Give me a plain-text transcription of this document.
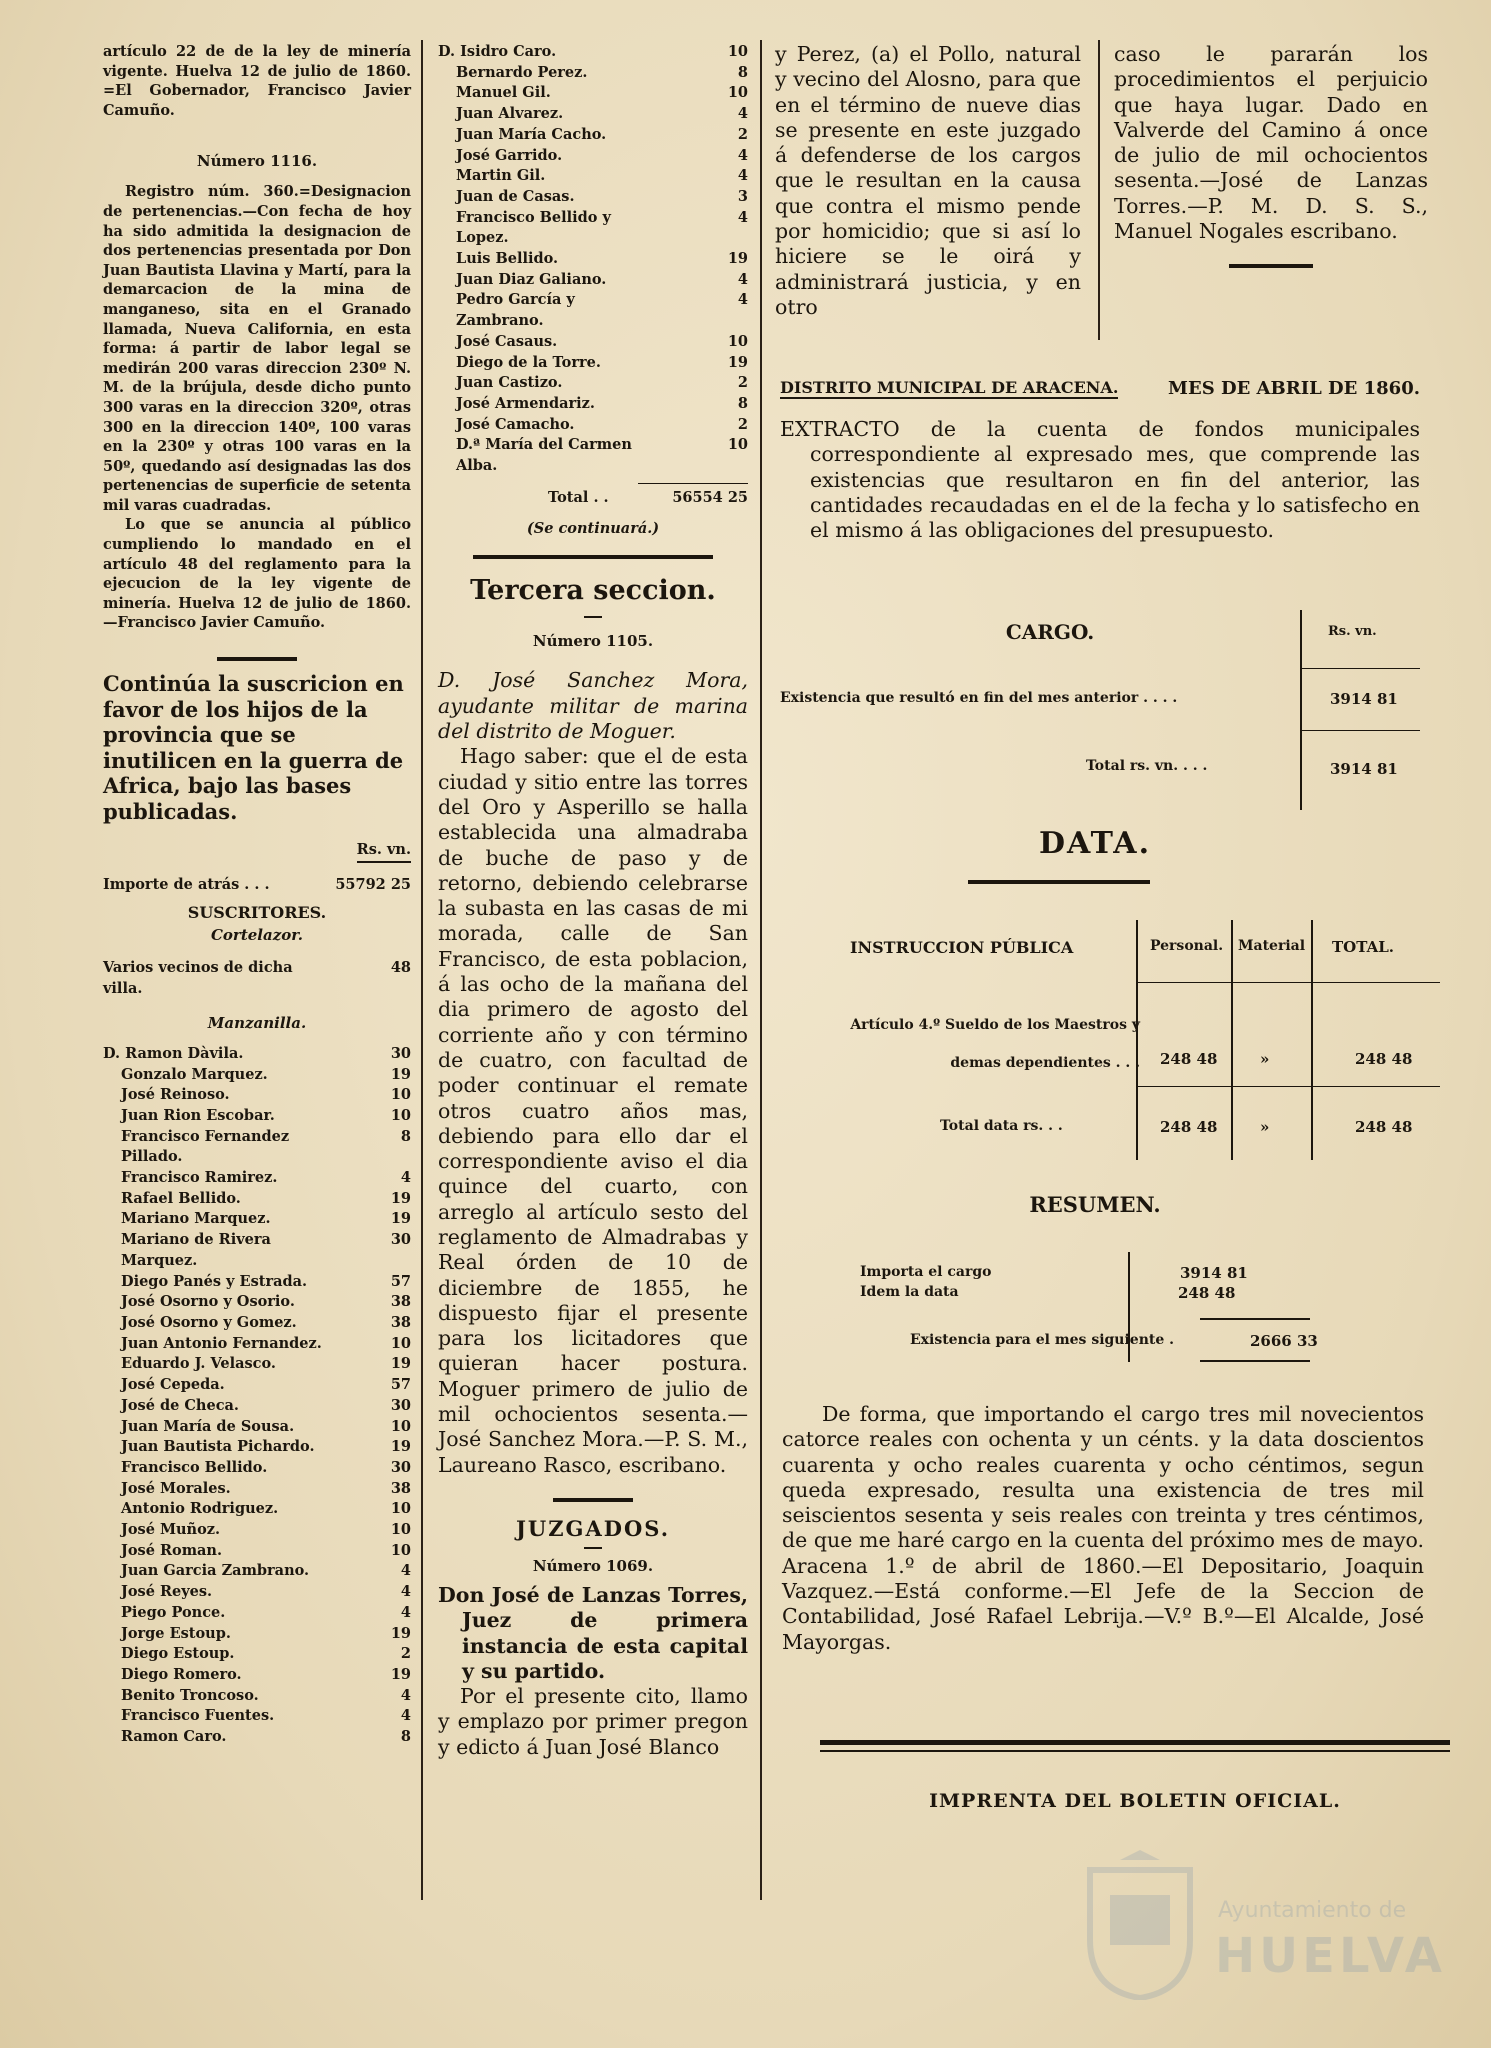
artículo 22 de de la ley de minería vigente. Huelva 12 de julio de 1860. =El Gobernador, Francisco Javier Camuño.

Número 1116.

Registro núm. 360.=Designacion de pertenencias.—Con fecha de hoy ha sido admitida la designacion de dos pertenencias presentada por Don Juan Bautista Llavina y Martí, para la demarcacion de la mina de manganeso, sita en el Granado llamada, Nueva California, en esta forma: á partir de labor legal se medirán 200 varas direccion 230º N. M. de la brújula, desde dicho punto 300 varas en la direccion 320º, otras 300 en la direccion 140º, 100 varas en la 230º y otras 100 varas en la 50º, quedando así designadas las dos pertenencias de superficie de setenta mil varas cuadradas.

Lo que se anuncia al público cumpliendo lo mandado en el artículo 48 del reglamento para la ejecucion de la ley vigente de minería. Huelva 12 de julio de 1860.—Francisco Javier Camuño.

Continúa la suscricion en favor de los hijos de la provincia que se inutilicen en la guerra de Africa, bajo las bases publicadas.

Rs. vn.
Importe de atrás . . .	55792 25
SUSCRITORES.
Cortelazor.
Varios vecinos de dicha villa.
48
Manzanilla.
D. Ramon Dàvila.	30
Gonzalo Marquez.	19
José Reinoso.	10
Juan Rion Escobar.	10
Francisco Fernandez Pillado.
8
Francisco Ramirez.	4
Rafael Bellido.	19
Mariano Marquez.	19
Mariano de Rivera Marquez.
30
Diego Panés y Estrada.	57
José Osorno y Osorio.	38
José Osorno y Gomez.	38
Juan Antonio Fernandez.	10
Eduardo J. Velasco.	19
José Cepeda.	57
José de Checa.	30
Juan María de Sousa.	10
Juan Bautista Pichardo.	19
Francisco Bellido.	30
José Morales.	38
Antonio Rodriguez.	10
José Muñoz.	10
José Roman.	10
Juan Garcia Zambrano.	4
José Reyes.	4
Piego Ponce.	4
Jorge Estoup.	19
Diego Estoup.	2
Diego Romero.	19
Benito Troncoso.	4
Francisco Fuentes.	4
Ramon Caro.	8
D. Isidro Caro.	10
Bernardo Perez.	8
Manuel Gil.	10
Juan Alvarez.	4
Juan María Cacho.	2
José Garrido.	4
Martin Gil.	4
Juan de Casas.	3
Francisco Bellido y Lopez.
4
Luis Bellido.	19
Juan Diaz Galiano.	4
Pedro García y Zambrano.
4
José Casaus.	10
Diego de la Torre.	19
Juan Castizo.	2
José Armendariz.	8
José Camacho.	2
D.ª María del Carmen Alba.
10
Total . .	56554 25
(Se continuará.)
Tercera seccion.
Número 1105.

D. José Sanchez Mora, ayudante militar de marina del distrito de Moguer.

Hago saber: que el de esta ciudad y sitio entre las torres del Oro y Asperillo se halla establecida una almadraba de buche de paso y de retorno, debiendo celebrarse la subasta en las casas de mi morada, calle de San Francisco, de esta poblacion, á las ocho de la mañana del dia primero de agosto del corriente año y con término de cuatro, con facultad de poder continuar el remate otros cuatro años mas, debiendo para ello dar el correspondiente aviso el dia quince del cuarto, con arreglo al artículo sesto del reglamento de Almadrabas y Real órden de 10 de diciembre de 1855, he dispuesto fijar el presente para los licitadores que quieran hacer postura. Moguer primero de julio de mil ochocientos sesenta.—José Sanchez Mora.—P. S. M., Laureano Rasco, escribano.

JUZGADOS.
Número 1069.

Don José de Lanzas Torres, Juez de primera instancia de esta capital y su partido.

Por el presente cito, llamo y emplazo por primer pregon y edicto á Juan José Blanco

y Perez, (a) el Pollo, natural y vecino del Alosno, para que en el término de nueve dias se presente en este juzgado á defenderse de los cargos que le resultan en la causa que contra el mismo pende por homicidio; que si así lo hiciere se le oirá y administrará justicia, y en otro

caso le pararán los procedimientos el perjuicio que haya lugar. Dado en Valverde del Camino á once de julio de mil ochocientos sesenta.—José de Lanzas Torres.—P. M. D. S. S., Manuel Nogales escribano.

DISTRITO MUNICIPAL DE ARACENA.	MES DE ABRIL DE 1860.

EXTRACTO de la cuenta de fondos municipales correspondiente al expresado mes, que comprende las existencias que resultaron en fin del anterior, las cantidades recaudadas en el de la fecha y lo satisfecho en el mismo á las obligaciones del presupuesto.

CARGO.	Rs. vn.
Existencia que resultó en fin del mes anterior . . . .	3914 81
Total rs. vn. . . .	3914 81
DATA.
INSTRUCCION PÚBLICA	Personal. Material TOTAL.
Artículo 4.º Sueldo de los Maestros y demas dependientes . . . 248 48	»	248 48
Total data rs. . .	248 48	»	248 48
RESUMEN.
Importa el cargo	3914 81
Idem la data	248 48
Existencia para el mes siguiente .	2666 33

De forma, que importando el cargo tres mil novecientos catorce reales con ochenta y un cénts. y la data doscientos cuarenta y ocho reales cuarenta y ocho céntimos, segun queda expresado, resulta una existencia de tres mil seiscientos sesenta y seis reales con treinta y tres céntimos, de que me haré cargo en la cuenta del próximo mes de mayo. Aracena 1.º de abril de 1860.—El Depositario, Joaquin Vazquez.—Está conforme.—El Jefe de la Seccion de Contabilidad, José Rafael Lebrija.—V.º B.º—El Alcalde, José Mayorgas.

IMPRENTA DEL BOLETIN OFICIAL.
Ayuntamiento de
HUELVA
